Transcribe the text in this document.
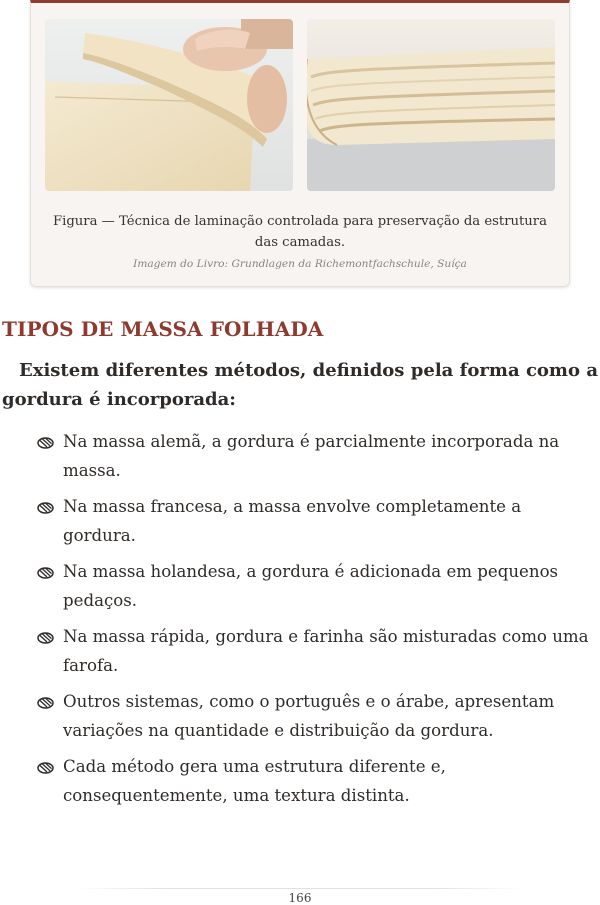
Figura — Técnica de laminação controlada para preservação da estrutura das camadas.
Imagem do Livro: Grundlagen da Richemontfachschule, Suíça
TIPOS DE MASSA FOLHADA

Existem diferentes métodos, definidos pela forma como a gordura é incorporada:

Na massa alemã, a gordura é parcialmente incorporada na massa.
Na massa francesa, a massa envolve completamente a gordura.
Na massa holandesa, a gordura é adicionada em pequenos pedaços.
Na massa rápida, gordura e farinha são misturadas como uma farofa.
Outros sistemas, como o português e o árabe, apresentam variações na quantidade e distribuição da gordura.
Cada método gera uma estrutura diferente e, consequentemente, uma textura distinta.
166
